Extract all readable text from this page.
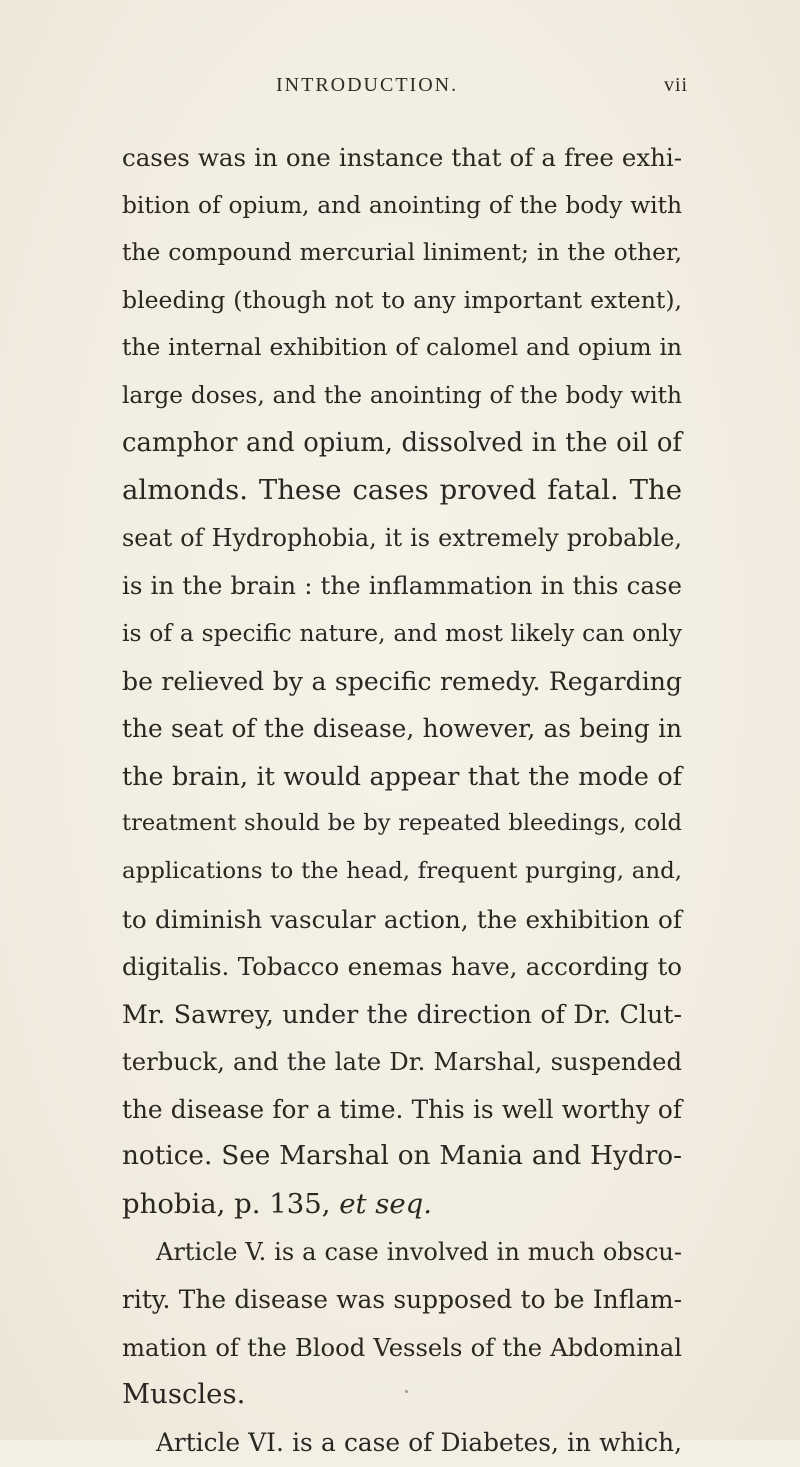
INTRODUCTION.	vii
cases was in one instance that of a free exhi-
bition of opium, and anointing of the body with
the compound mercurial liniment; in the other,
bleeding (though not to any important extent),
the internal exhibition of calomel and opium in
large doses, and the anointing of the body with
camphor and opium, dissolved in the oil of
almonds. These cases proved fatal. The
seat of Hydrophobia, it is extremely probable,
is in the brain : the inflammation in this case
is of a specific nature, and most likely can only
be relieved by a specific remedy. Regarding
the seat of the disease, however, as being in
the brain, it would appear that the mode of
treatment should be by repeated bleedings, cold
applications to the head, frequent purging, and,
to diminish vascular action, the exhibition of
digitalis. Tobacco enemas have, according to
Mr. Sawrey, under the direction of Dr. Clut-
terbuck, and the late Dr. Marshal, suspended
the disease for a time. This is well worthy of
notice. See Marshal on Mania and Hydro-
phobia, p. 135, et seq.
Article V. is a case involved in much obscu-
rity. The disease was supposed to be Inflam-
mation of the Blood Vessels of the Abdominal
Muscles.
Article VI. is a case of Diabetes, in which,
